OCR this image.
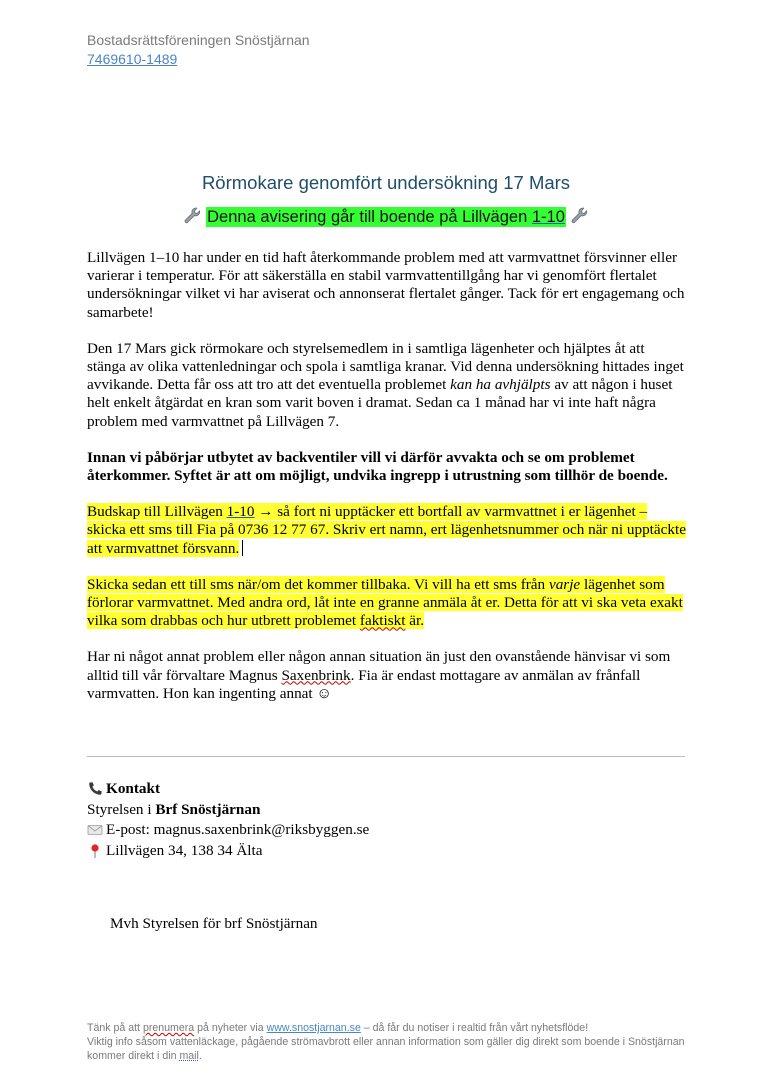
Bostadsrättsföreningen Snöstjärnan
7469610-1489
Rörmokare genomfört undersökning 17 Mars
Denna avisering går till boende på Lillvägen 1-10

Lillvägen 1–10 har under en tid haft återkommande problem med att varmvattnet försvinner eller varierar i temperatur. För att säkerställa en stabil varmvattentillgång har vi genomfört flertalet undersökningar vilket vi har aviserat och annonserat flertalet gånger. Tack för ert engagemang och samarbete!

Den 17 Mars gick rörmokare och styrelsemedlem in i samtliga lägenheter och hjälptes åt att stänga av olika vattenledningar och spola i samtliga kranar. Vid denna undersökning hittades inget avvikande. Detta får oss att tro att det eventuella problemet kan ha avhjälpts av att någon i huset helt enkelt åtgärdat en kran som varit boven i dramat. Sedan ca 1 månad har vi inte haft några problem med varmvattnet på Lillvägen 7.

Innan vi påbörjar utbytet av backventiler vill vi därför avvakta och se om problemet återkommer. Syftet är att om möjligt, undvika ingrepp i utrustning som tillhör de boende.

Budskap till Lillvägen 1-10 → så fort ni upptäcker ett bortfall av varmvattnet i er lägenhet – skicka ett sms till Fia på 0736 12 77 67. Skriv ert namn, ert lägenhetsnummer och när ni upptäckte att varmvattnet försvann.

Skicka sedan ett till sms när/om det kommer tillbaka. Vi vill ha ett sms från varje lägenhet som förlorar varmvattnet. Med andra ord, låt inte en granne anmäla åt er. Detta för att vi ska veta exakt vilka som drabbas och hur utbrett problemet faktiskt är.

Har ni något annat problem eller någon annan situation än just den ovanstående hänvisar vi som alltid till vår förvaltare Magnus Saxenbrink. Fia är endast mottagare av anmälan av frånfall varmvatten. Hon kan ingenting annat ☺

Kontakt
Styrelsen i
Brf Snöstjärnan
E-post: magnus.saxenbrink@riksbyggen.se
Lillvägen 34, 138 34 Älta
Mvh Styrelsen för brf Snöstjärnan
Tänk på att prenumera på nyheter via www.snostjarnan.se – då får du notiser i realtid från vårt nyhetsflöde!
Viktig info såsom vattenläckage, pågående strömavbrott eller annan information som gäller dig direkt som boende i Snöstjärnan kommer direkt i din mail.
